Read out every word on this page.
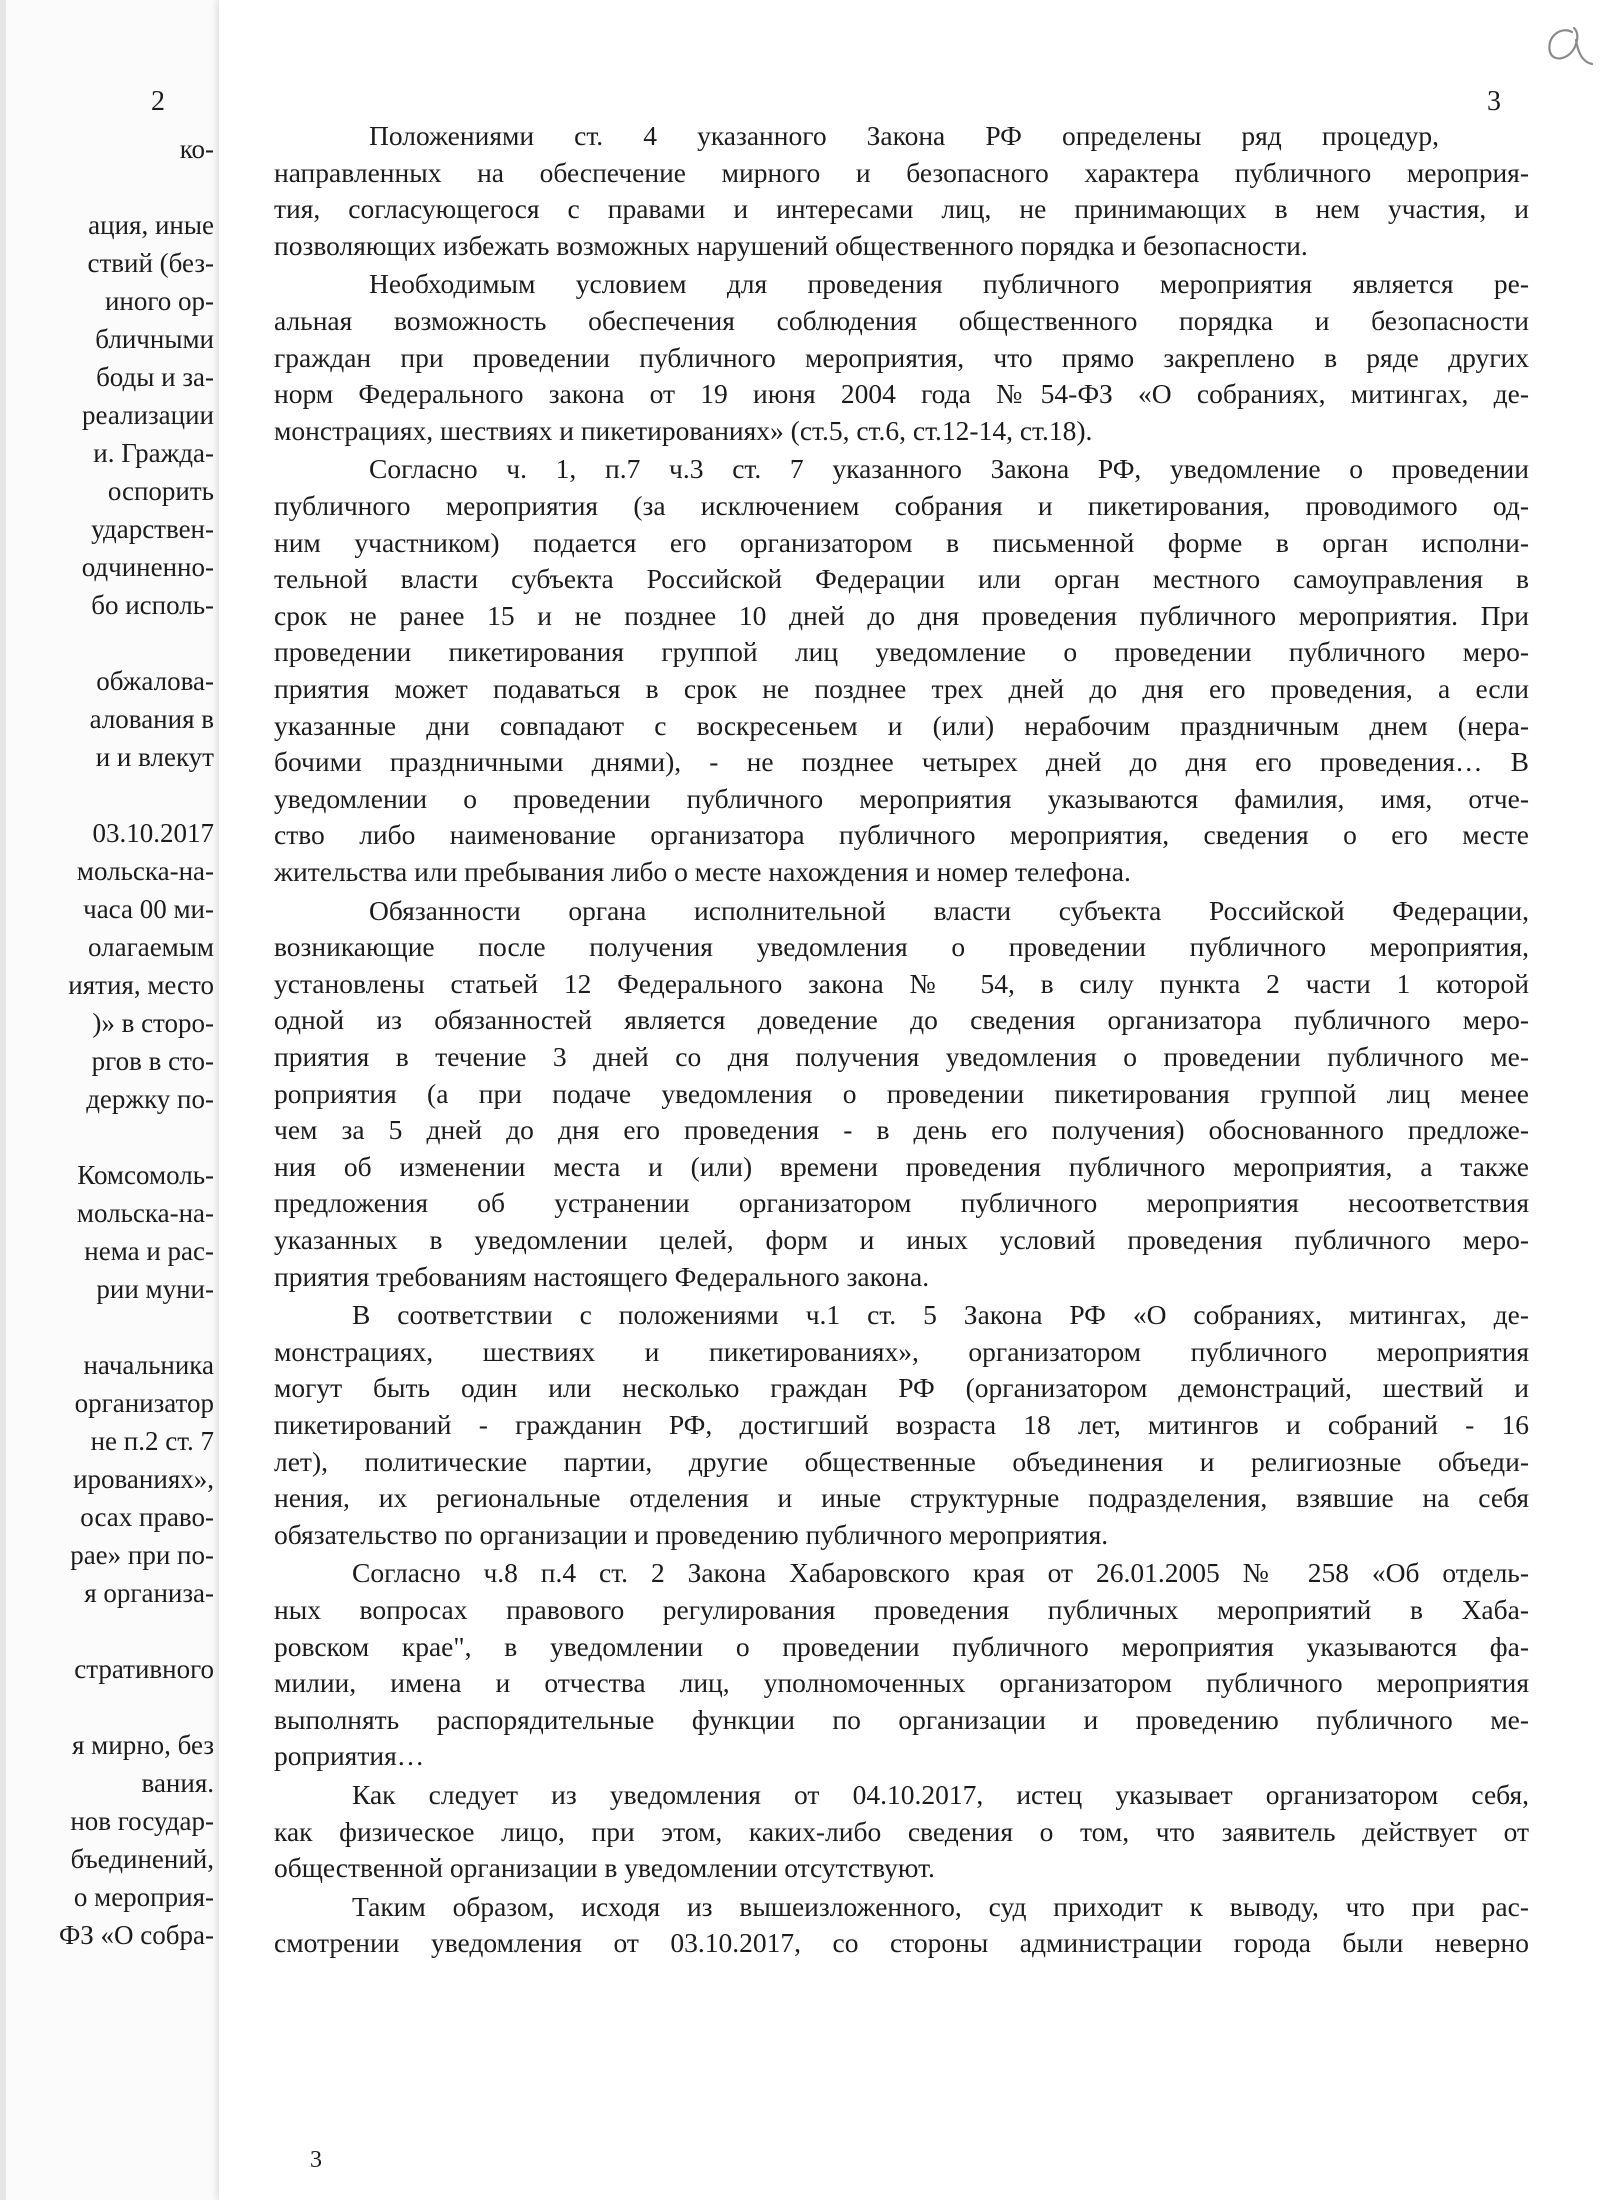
2
ко-
ация, иные
ствий (без-
иного ор-
бличными
боды и за-
реализации
и. Гражда-
оспорить
ударствен-
одчиненно-
бо исполь-
обжалова-
алования в
и и влекут
03.10.2017
мольска-на-
часа 00 ми-
олагаемым
иятия, место
)» в сторо-
ргов в сто-
держку по-
Комсомоль-
мольска-на-
нема и рас-
рии муни-
начальника
организатор
не п.2 ст. 7
ированиях»,
осах право-
рае» при по-
я организа-
стративного
я мирно, без
вания.
нов государ-
бъединений,
о мероприя-
ФЗ «О собра-
3
Положениями ст. 4 указанного Закона РФ определены ряд процедур,
направленных на обеспечение мирного и безопасного характера публичного мероприя-
тия, согласующегося с правами и интересами лиц, не принимающих в нем участия, и
позволяющих избежать возможных нарушений общественного порядка и безопасности.
Необходимым условием для проведения публичного мероприятия является ре-
альная возможность обеспечения соблюдения общественного порядка и безопасности
граждан при проведении публичного мероприятия, что прямо закреплено в ряде других
норм Федерального закона от 19 июня 2004 года №54-ФЗ «О собраниях, митингах, де-
монстрациях, шествиях и пикетированиях» (ст.5, ст.6, ст.12-14, ст.18).
Согласно ч. 1, п.7 ч.3 ст. 7 указанного Закона РФ, уведомление о проведении
публичного мероприятия (за исключением собрания и пикетирования, проводимого од-
ним участником) подается его организатором в письменной форме в орган исполни-
тельной власти субъекта Российской Федерации или орган местного самоуправления в
срок не ранее 15 и не позднее 10 дней до дня проведения публичного мероприятия. При
проведении пикетирования группой лиц уведомление о проведении публичного меро-
приятия может подаваться в срок не позднее трех дней до дня его проведения, а если
указанные дни совпадают с воскресеньем и (или) нерабочим праздничным днем (нера-
бочими праздничными днями), - не позднее четырех дней до дня его проведения… В
уведомлении о проведении публичного мероприятия указываются фамилия, имя, отче-
ство либо наименование организатора публичного мероприятия, сведения о его месте
жительства или пребывания либо о месте нахождения и номер телефона.
Обязанности органа исполнительной власти субъекта Российской Федерации,
возникающие после получения уведомления о проведении публичного мероприятия,
установлены статьей 12 Федерального закона № 54, в силу пункта 2 части 1 которой
одной из обязанностей является доведение до сведения организатора публичного меро-
приятия в течение 3 дней со дня получения уведомления о проведении публичного ме-
роприятия (а при подаче уведомления о проведении пикетирования группой лиц менее
чем за 5 дней до дня его проведения - в день его получения) обоснованного предложе-
ния об изменении места и (или) времени проведения публичного мероприятия, а также
предложения об устранении организатором публичного мероприятия несоответствия
указанных в уведомлении целей, форм и иных условий проведения публичного меро-
приятия требованиям настоящего Федерального закона.
В соответствии с положениями ч.1 ст. 5 Закона РФ «О собраниях, митингах, де-
монстрациях, шествиях и пикетированиях», организатором публичного мероприятия
могут быть один или несколько граждан РФ (организатором демонстраций, шествий и
пикетирований - гражданин РФ, достигший возраста 18 лет, митингов и собраний - 16
лет), политические партии, другие общественные объединения и религиозные объеди-
нения, их региональные отделения и иные структурные подразделения, взявшие на себя
обязательство по организации и проведению публичного мероприятия.
Согласно ч.8 п.4 ст. 2 Закона Хабаровского края от 26.01.2005 № 258 «Об отдель-
ных вопросах правового регулирования проведения публичных мероприятий в Хаба-
ровском крае", в уведомлении о проведении публичного мероприятия указываются фа-
милии, имена и отчества лиц, уполномоченных организатором публичного мероприятия
выполнять распорядительные функции по организации и проведению публичного ме-
роприятия…
Как следует из уведомления от 04.10.2017, истец указывает организатором себя,
как физическое лицо, при этом, каких-либо сведения о том, что заявитель действует от
общественной организации в уведомлении отсутствуют.
Таким образом, исходя из вышеизложенного, суд приходит к выводу, что при рас-
смотрении уведомления от 03.10.2017, со стороны администрации города были неверно
3
